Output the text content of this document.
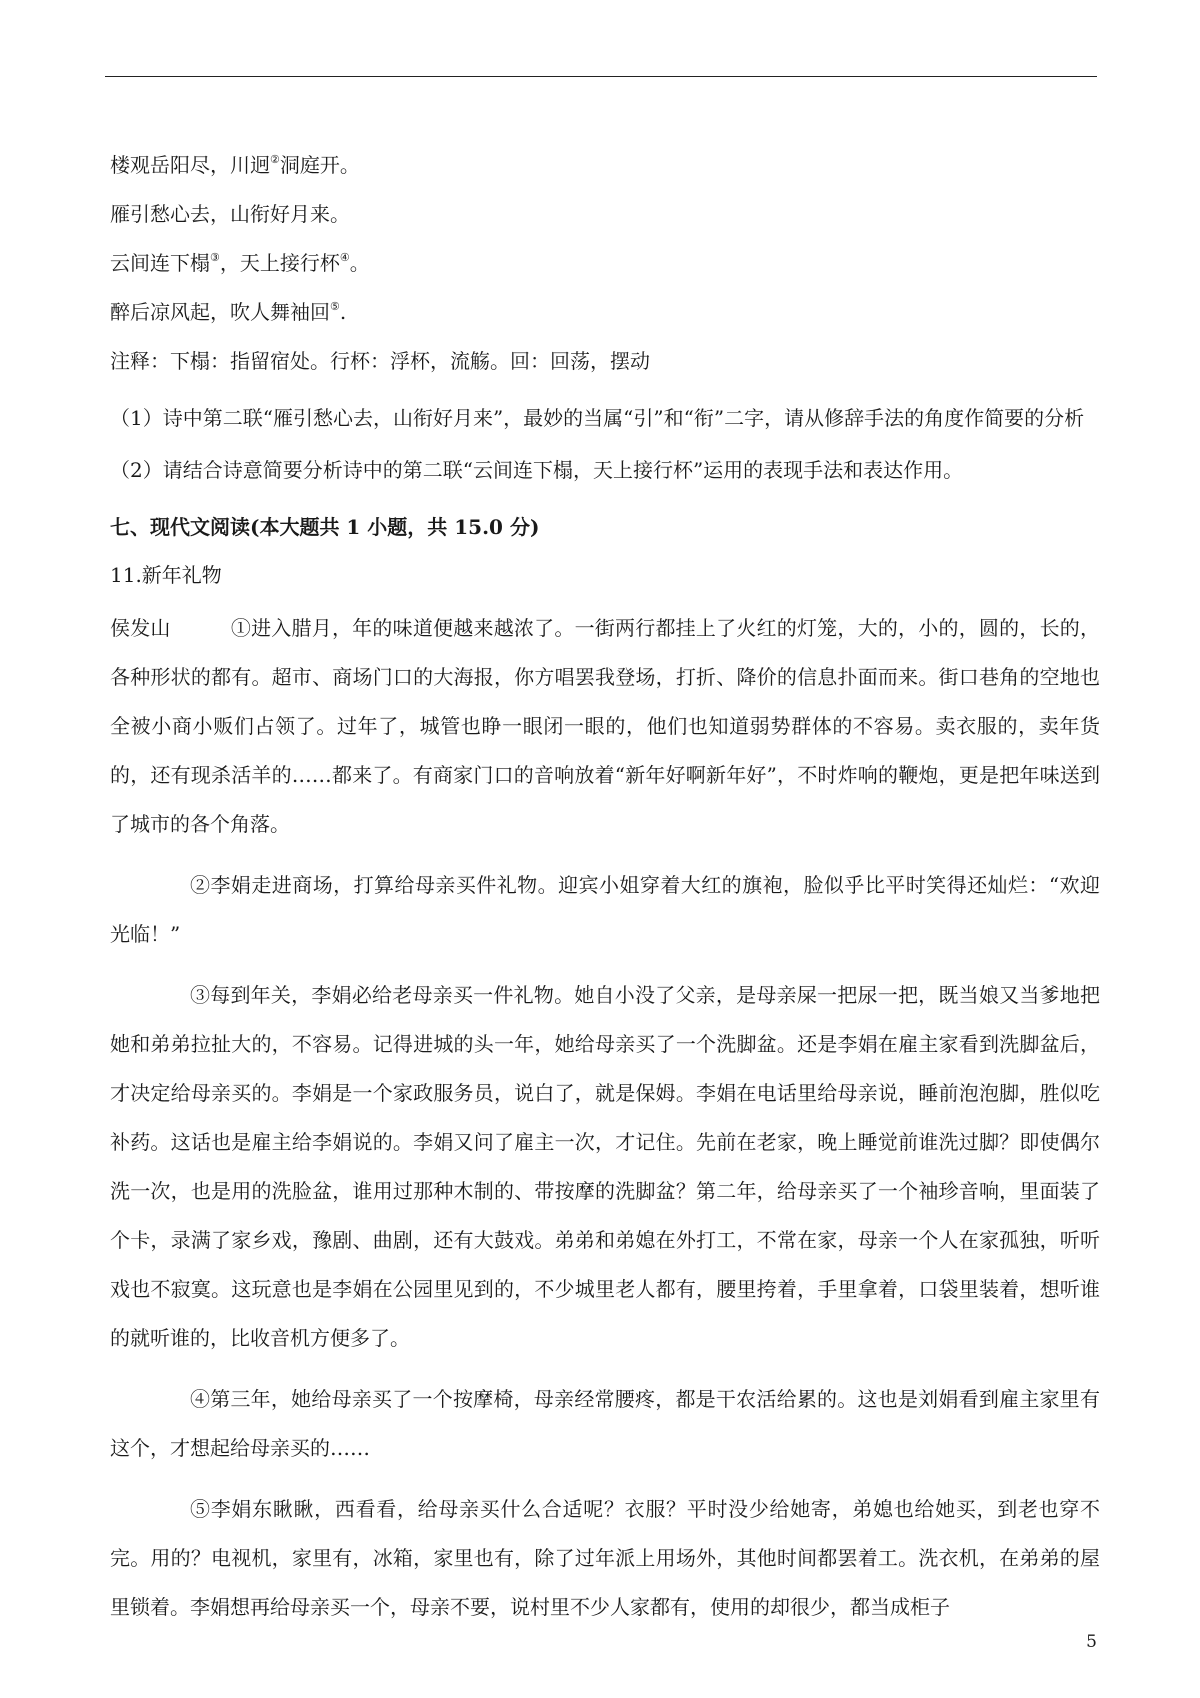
楼观岳阳尽，川迥②洞庭开。

雁引愁心去，山衔好月来。

云间连下榻③，天上接行杯④。

醉后凉风起，吹人舞袖回⑤.

注释：下榻：指留宿处。行杯：浮杯，流觞。回：回荡，摆动

（1）诗中第二联“雁引愁心去，山衔好月来”，最妙的当属“引”和“衔”二字，请从修辞手法的角度作简要的分析

（2）请结合诗意简要分析诗中的第二联“云间连下榻，天上接行杯”运用的表现手法和表达作用。

七、现代文阅读(本大题共 1 小题，共 15.0 分)

11.新年礼物

侯发山	①进入腊月，年的味道便越来越浓了。一街两行都挂上了火红的灯笼，大的，小的，圆的，长的，各种形状的都有。超市、商场门口的大海报，你方唱罢我登场，打折、降价的信息扑面而来。街口巷角的空地也全被小商小贩们占领了。过年了，城管也睁一眼闭一眼的，他们也知道弱势群体的不容易。卖衣服的，卖年货的，还有现杀活羊的……都来了。有商家门口的音响放着“新年好啊新年好”，不时炸响的鞭炮，更是把年味送到了城市的各个角落。

②李娟走进商场，打算给母亲买件礼物。迎宾小姐穿着大红的旗袍，脸似乎比平时笑得还灿烂：“欢迎光临！”

③每到年关，李娟必给老母亲买一件礼物。她自小没了父亲，是母亲屎一把尿一把，既当娘又当爹地把她和弟弟拉扯大的，不容易。记得进城的头一年，她给母亲买了一个洗脚盆。还是李娟在雇主家看到洗脚盆后，才决定给母亲买的。李娟是一个家政服务员，说白了，就是保姆。李娟在电话里给母亲说，睡前泡泡脚，胜似吃补药。这话也是雇主给李娟说的。李娟又问了雇主一次，才记住。先前在老家，晚上睡觉前谁洗过脚？即使偶尔洗一次，也是用的洗脸盆，谁用过那种木制的、带按摩的洗脚盆？第二年，给母亲买了一个袖珍音响，里面装了个卡，录满了家乡戏，豫剧、曲剧，还有大鼓戏。弟弟和弟媳在外打工，不常在家，母亲一个人在家孤独，听听戏也不寂寞。这玩意也是李娟在公园里见到的，不少城里老人都有，腰里挎着，手里拿着，口袋里装着，想听谁的就听谁的，比收音机方便多了。

④第三年，她给母亲买了一个按摩椅，母亲经常腰疼，都是干农活给累的。这也是刘娟看到雇主家里有这个，才想起给母亲买的……

⑤李娟东瞅瞅，西看看，给母亲买什么合适呢？衣服？平时没少给她寄，弟媳也给她买，到老也穿不完。用的？电视机，家里有，冰箱，家里也有，除了过年派上用场外，其他时间都罢着工。洗衣机，在弟弟的屋里锁着。李娟想再给母亲买一个，母亲不要，说村里不少人家都有，使用的却很少，都当成柜子

5
